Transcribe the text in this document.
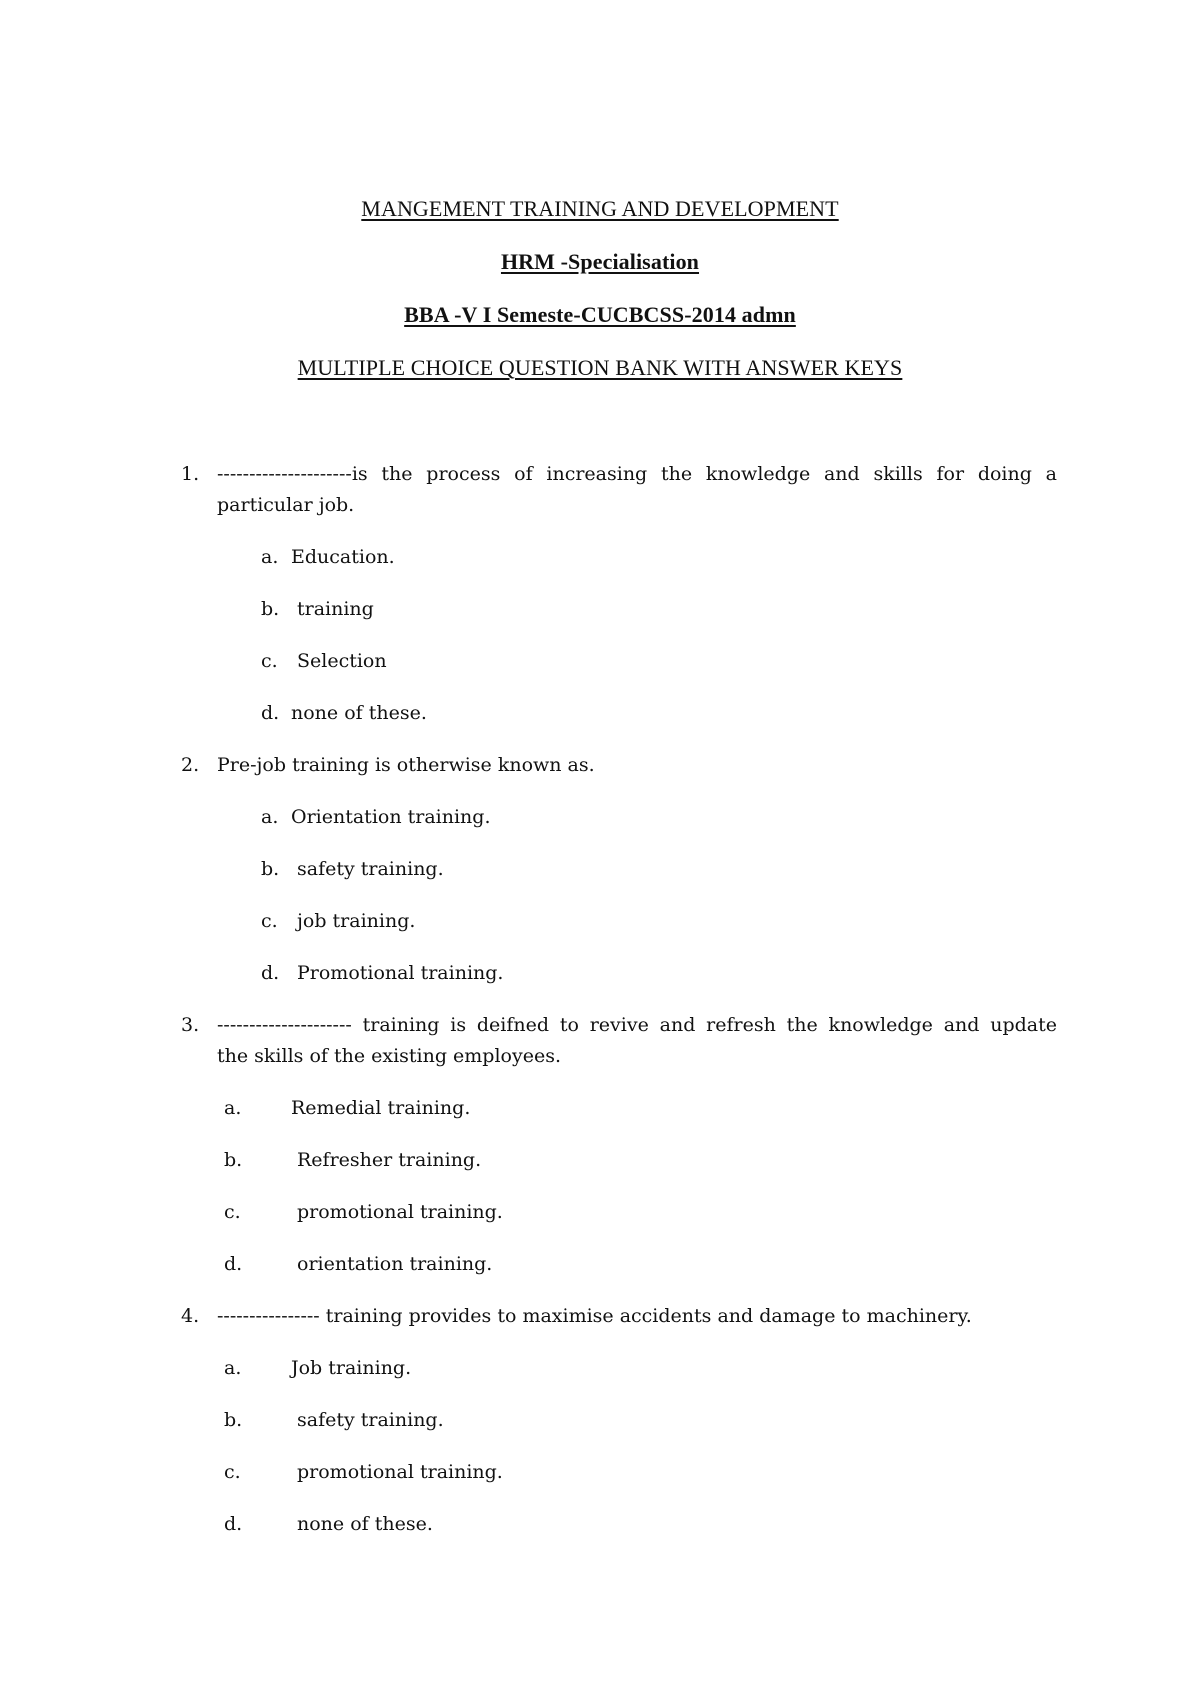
MANGEMENT TRAINING AND DEVELOPMENT
HRM -Specialisation
BBA -V I Semeste-CUCBCSS-2014 admn
MULTIPLE CHOICE QUESTION BANK WITH ANSWER KEYS
1. ---------------------is the process of increasing the knowledge and skills for doing a
particular job.
a. Education.
b. training
c. Selection
d. none of these.
2. Pre-job training is otherwise known as.
a. Orientation training.
b. safety training.
c. job training.
d. Promotional training.
3. --------------------- training is deifned to revive and refresh the knowledge and update
the skills of the existing employees.
a.	Remedial training.
b.	Refresher training.
c.	promotional training.
d.	orientation training.
4. ---------------- training provides to maximise accidents and damage to machinery.
a.	Job training.
b.	safety training.
c.	promotional training.
d.	none of these.
